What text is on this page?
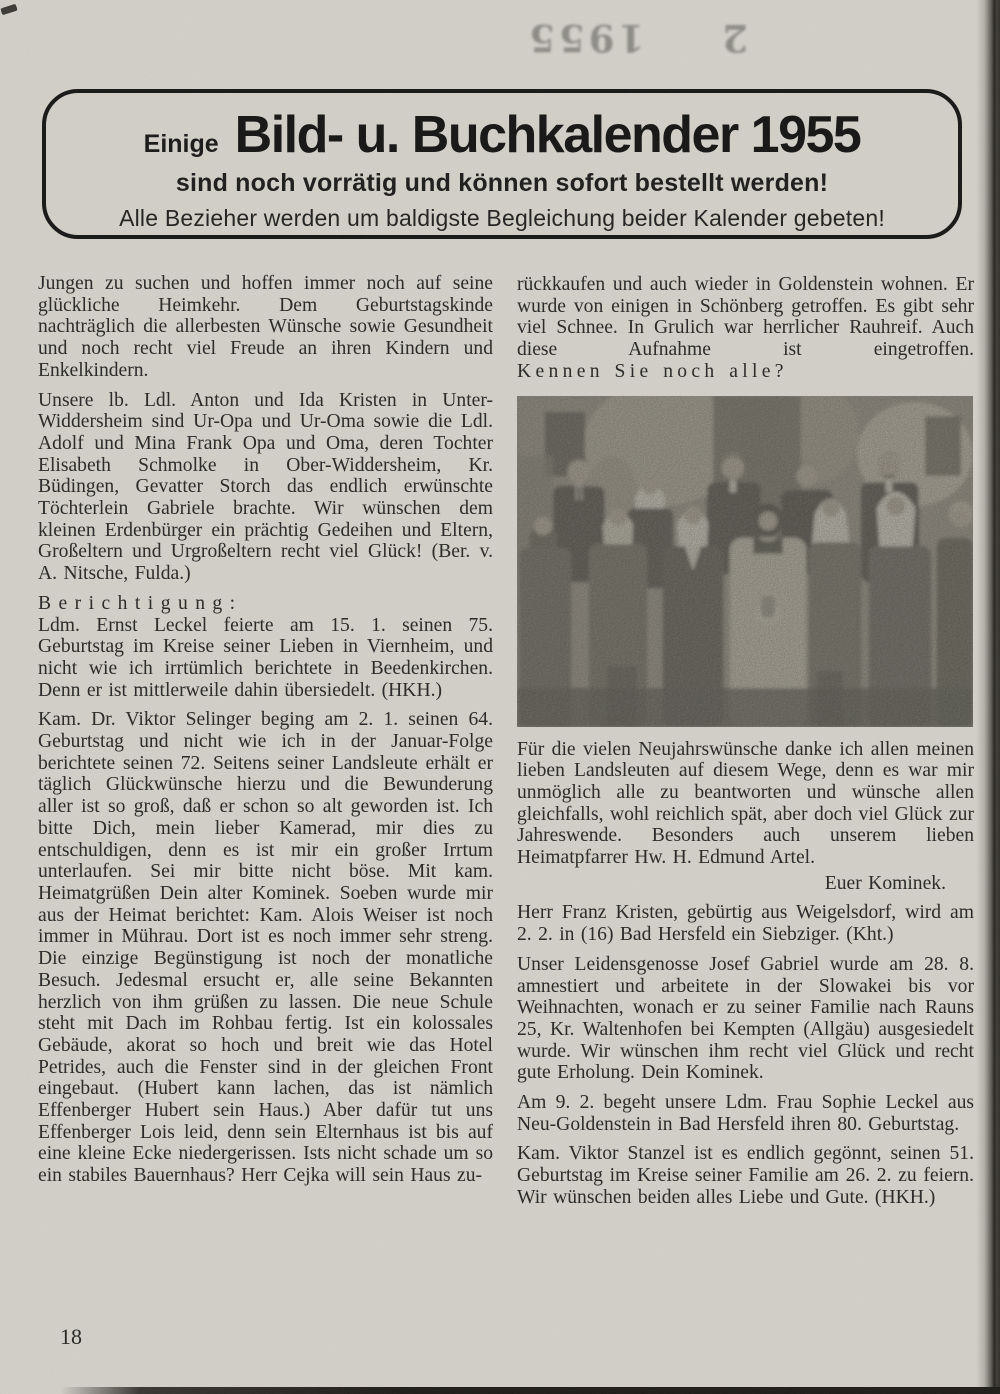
2
1955
Einige Bild- u. Buchkalender 1955
sind noch vorrätig und können sofort bestellt werden!
Alle Bezieher werden um baldigste Begleichung beider Kalender gebeten!

Jungen zu suchen und hoffen immer noch auf seine glückliche Heimkehr. Dem Geburtstagskinde nachträglich die allerbesten Wünsche sowie Gesundheit und noch recht viel Freude an ihren Kindern und Enkelkindern.

Unsere lb. Ldl. Anton und Ida Kristen in Unter-Widdersheim sind Ur-Opa und Ur-Oma sowie die Ldl. Adolf und Mina Frank Opa und Oma, deren Tochter Elisabeth Schmolke in Ober-Widdersheim, Kr. Büdingen, Gevatter Storch das endlich erwünschte Töchterlein Gabriele brachte. Wir wünschen dem kleinen Erdenbürger ein prächtig Gedeihen und Eltern, Großeltern und Urgroßeltern recht viel Glück! (Ber. v. A. Nitsche, Fulda.)

Berichtigung:

Ldm. Ernst Leckel feierte am 15. 1. seinen 75. Geburtstag im Kreise seiner Lieben in Viernheim, und nicht wie ich irrtümlich berichtete in Beedenkirchen. Denn er ist mittlerweile dahin übersiedelt. (HKH.)

Kam. Dr. Viktor Selinger beging am 2. 1. seinen 64. Geburtstag und nicht wie ich in der Januar-Folge berichtete seinen 72. Seitens seiner Landsleute erhält er täglich Glückwünsche hierzu und die Bewunderung aller ist so groß, daß er schon so alt geworden ist. Ich bitte Dich, mein lieber Kamerad, mir dies zu entschuldigen, denn es ist mir ein großer Irrtum unterlaufen. Sei mir bitte nicht böse. Mit kam. Heimatgrüßen Dein alter Kominek. Soeben wurde mir aus der Heimat berichtet: Kam. Alois Weiser ist noch immer in Mührau. Dort ist es noch immer sehr streng. Die einzige Begünstigung ist noch der monatliche Besuch. Jedesmal ersucht er, alle seine Bekannten herzlich von ihm grüßen zu lassen. Die neue Schule steht mit Dach im Rohbau fertig. Ist ein kolossales Gebäude, akorat so hoch und breit wie das Hotel Petrides, auch die Fenster sind in der gleichen Front eingebaut. (Hubert kann lachen, das ist nämlich Effenberger Hubert sein Haus.) Aber dafür tut uns Effenberger Lois leid, denn sein Elternhaus ist bis auf eine kleine Ecke niedergerissen. Ists nicht schade um so ein stabiles Bauernhaus? Herr Cejka will sein Haus zu-

rückkaufen und auch wieder in Goldenstein wohnen. Er wurde von einigen in Schönberg getroffen. Es gibt sehr viel Schnee. In Grulich war herrlicher Rauhreif. Auch diese Aufnahme ist eingetroffen. Kennen Sie noch alle?

Für die vielen Neujahrswünsche danke ich allen meinen lieben Landsleuten auf diesem Wege, denn es war mir unmöglich alle zu beantworten und wünsche allen gleichfalls, wohl reichlich spät, aber doch viel Glück zur Jahreswende. Besonders auch unserem lieben Heimatpfarrer Hw. H. Edmund Artel.

Euer Kominek.

Herr Franz Kristen, gebürtig aus Weigelsdorf, wird am 2. 2. in (16) Bad Hersfeld ein Siebziger. (Kht.)

Unser Leidensgenosse Josef Gabriel wurde am 28. 8. amnestiert und arbeitete in der Slowakei bis vor Weihnachten, wonach er zu seiner Familie nach Rauns 25, Kr. Waltenhofen bei Kempten (Allgäu) ausgesiedelt wurde. Wir wünschen ihm recht viel Glück und recht gute Erholung. Dein Kominek.

Am 9. 2. begeht unsere Ldm. Frau Sophie Leckel aus Neu-Goldenstein in Bad Hersfeld ihren 80. Geburtstag.

Kam. Viktor Stanzel ist es endlich gegönnt, seinen 51. Geburtstag im Kreise seiner Familie am 26. 2. zu feiern. Wir wünschen beiden alles Liebe und Gute. (HKH.)

18
